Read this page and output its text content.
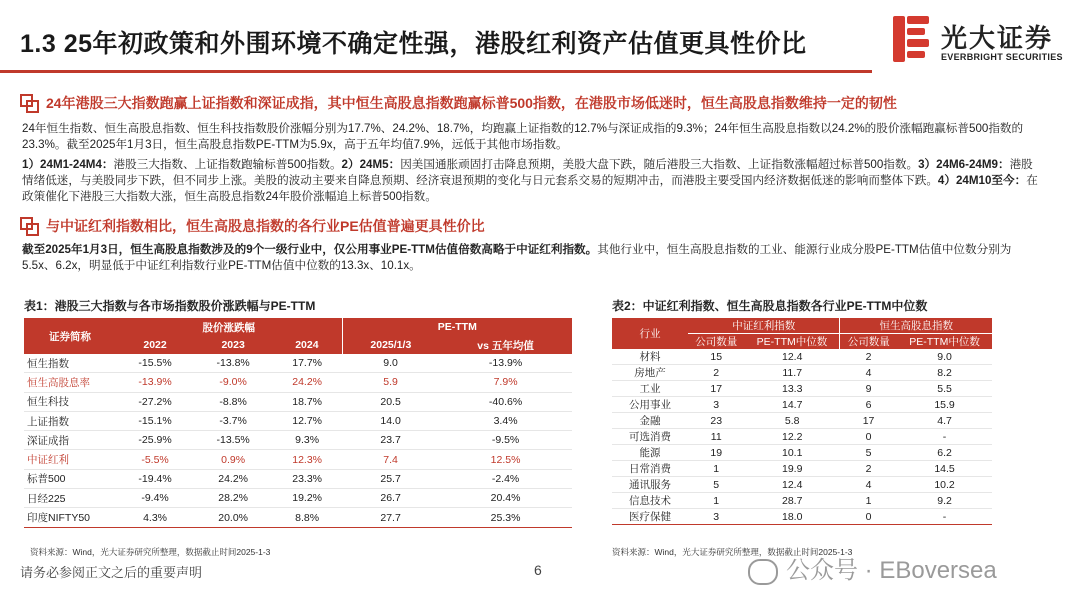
1.3 25年初政策和外围环境不确定性强，港股红利资产估值更具性价比	光大证券
EVERBRIGHT SECURITIES
24年港股三大指数跑赢上证指数和深证成指，其中恒生高股息指数跑赢标普500指数，在港股市场低迷时，恒生高股息指数维持一定的韧性
24年恒生指数、恒生高股息指数、恒生科技指数股价涨幅分别为17.7%、24.2%、18.7%，均跑赢上证指数的12.7%与深证成指的9.3%；24年恒生高股息指数以24.2%的股价涨幅跑赢标普500指数的23.3%。截至2025年1月3日，恒生高股息指数PE-TTM为5.9x，高于五年均值7.9%，远低于其他市场指数。
1）24M1-24M4：港股三大指数、上证指数跑输标普500指数。2）24M5：因美国通胀顽固打击降息预期，美股大盘下跌，随后港股三大指数、上证指数涨幅超过标普500指数。3）24M6-24M9：港股情绪低迷，与美股同步下跌，但不同步上涨。美股的波动主要来自降息预期、经济衰退预期的变化与日元套系交易的短期冲击，而港股主要受国内经济数据低迷的影响而整体下跌。4）24M10至今：在政策催化下港股三大指数大涨，恒生高股息指数24年股价涨幅追上标普500指数。
与中证红利指数相比，恒生高股息指数的各行业PE估值普遍更具性价比
截至2025年1月3日，恒生高股息指数涉及的9个一级行业中，仅公用事业PE-TTM估值倍数高略于中证红利指数。其他行业中，恒生高股息指数的工业、能源行业成分股PE-TTM估值中位数分别为5.5x、6.2x，明显低于中证红利指数行业PE-TTM估值中位数的13.3x、10.1x。
表1：港股三大指数与各市场指数股价涨跌幅与PE-TTM
证券简称	股价涨跌幅			PE-TTM	
	2022	2023	2024	2025/1/3	vs 五年均值
恒生指数	-15.5%	-13.8%	17.7%	9.0	-13.9%
恒生高股息率	-13.9%	-9.0%	24.2%	5.9	7.9%
恒生科技	-27.2%	-8.8%	18.7%	20.5	-40.6%
上证指数	-15.1%	-3.7%	12.7%	14.0	3.4%
深证成指	-25.9%	-13.5%	9.3%	23.7	-9.5%
中证红利	-5.5%	0.9%	12.3%	7.4	12.5%
标普500	-19.4%	24.2%	23.3%	25.7	-2.4%
日经225	-9.4%	28.2%	19.2%	26.7	20.4%
印度NIFTY50	4.3%	20.0%	8.8%	27.7	25.3%
资料来源：Wind，光大证券研究所整理，数据截止时间2025-1-3
表2：中证红利指数、恒生高股息指数各行业PE-TTM中位数
行业	中证红利指数		恒生高股息指数	
	公司数量	PE-TTM中位数	公司数量	PE-TTM中位数
材料	15	12.4	2	9.0
房地产	2	11.7	4	8.2
工业	17	13.3	9	5.5
公用事业	3	14.7	6	15.9
金融	23	5.8	17	4.7
可选消费	11	12.2	0	-
能源	19	10.1	5	6.2
日常消费	1	19.9	2	14.5
通讯服务	5	12.4	4	10.2
信息技术	1	28.7	1	9.2
医疗保健	3	18.0	0	-
资料来源：Wind，光大证券研究所整理，数据截止时间2025-1-3
请务必参阅正文之后的重要声明	6	公众号 · EBoversea
